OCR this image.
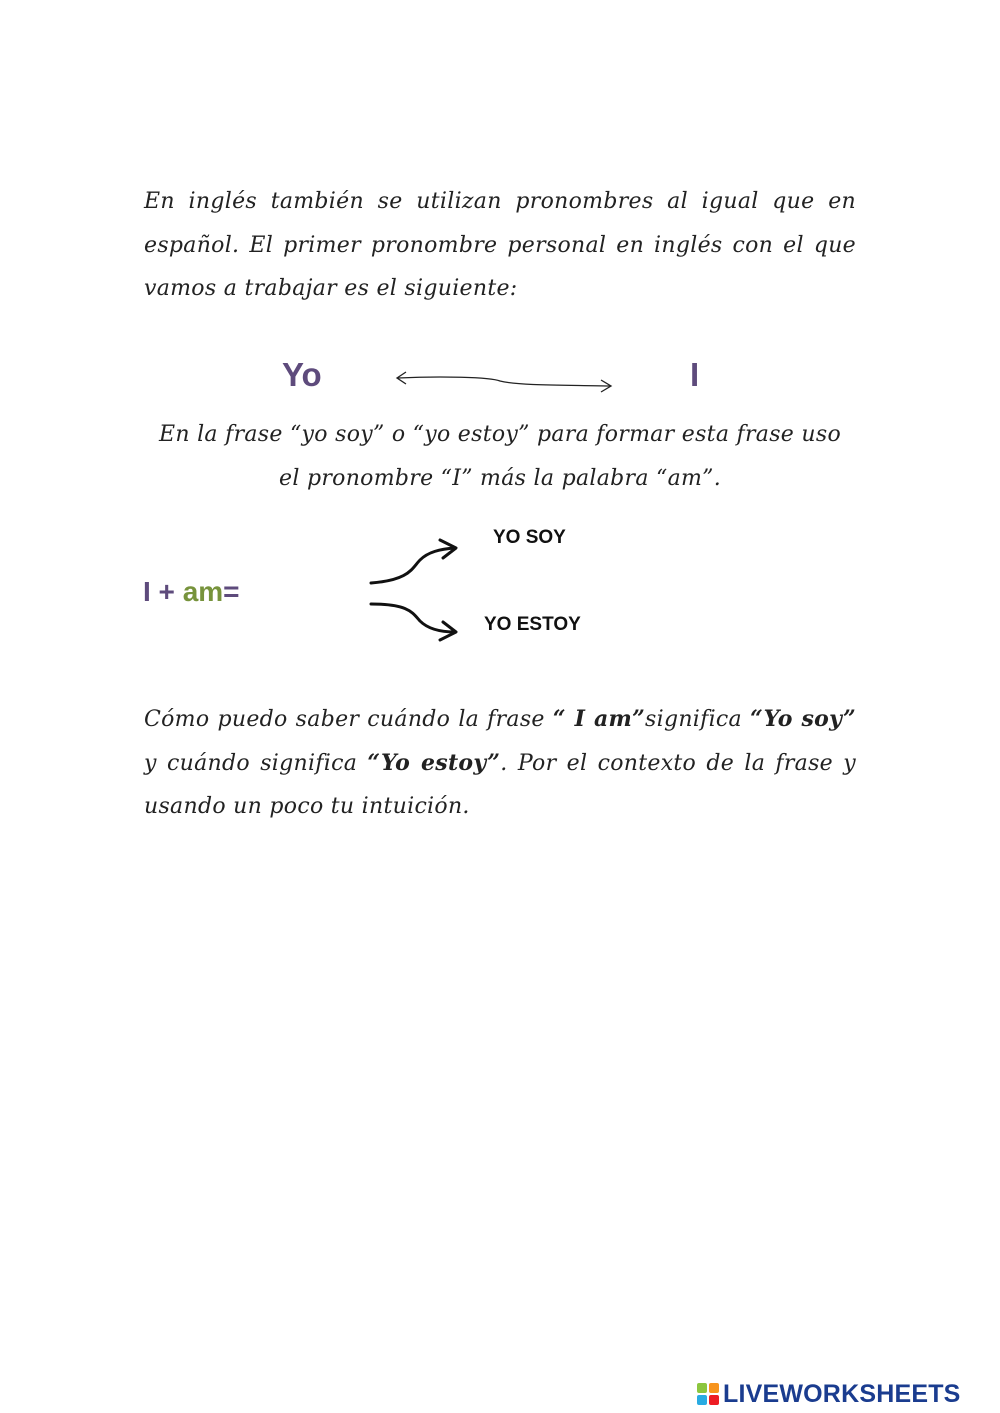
En inglés también se utilizan pronombres al igual que en español. El primer pronombre personal en inglés con el que vamos a trabajar es el siguiente:

Yo	I
En la frase “yo soy” o “yo estoy” para formar esta frase uso
el pronombre “I” más la palabra “am”.
I + am=
YO SOY
YO ESTOY

Cómo puedo saber cuándo la frase “ I am”significa “Yo soy” y cuándo significa “Yo estoy”. Por el contexto de la frase y usando un poco tu intuición.

LIVEWORKSHEETS
